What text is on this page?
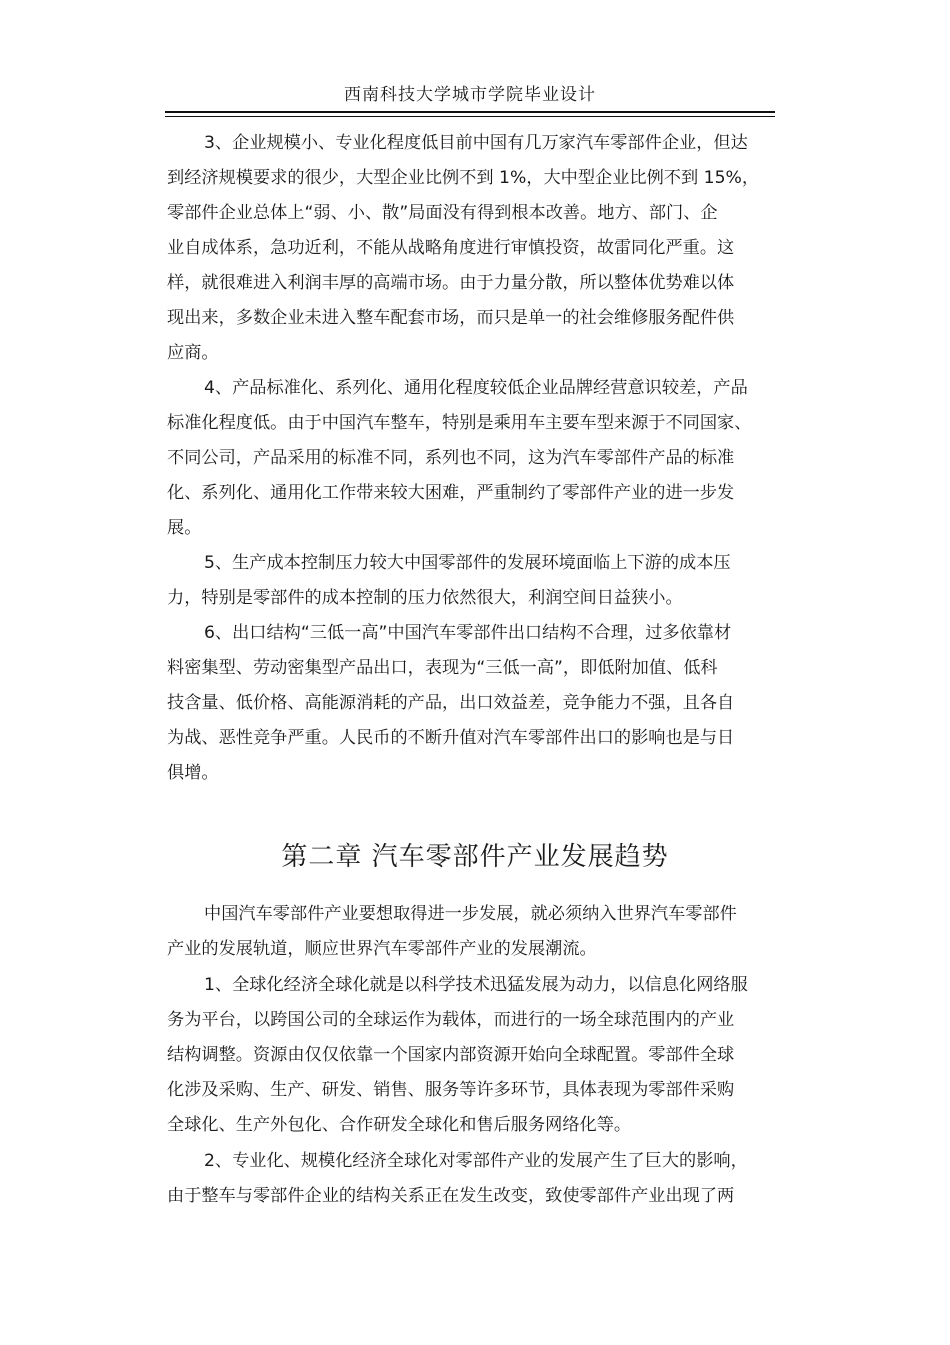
西南科技大学城市学院毕业设计
3、企业规模小、专业化程度低目前中国有几万家汽车零部件企业，但达
到经济规模要求的很少，大型企业比例不到 1%，大中型企业比例不到 15%，
零部件企业总体上“弱、小、散”局面没有得到根本改善。地方、部门、企
业自成体系，急功近利，不能从战略角度进行审慎投资，故雷同化严重。这
样，就很难进入利润丰厚的高端市场。由于力量分散，所以整体优势难以体
现出来，多数企业未进入整车配套市场，而只是单一的社会维修服务配件供
应商。
4、产品标准化、系列化、通用化程度较低企业品牌经营意识较差，产品
标准化程度低。由于中国汽车整车，特别是乘用车主要车型来源于不同国家、
不同公司，产品采用的标准不同，系列也不同，这为汽车零部件产品的标准
化、系列化、通用化工作带来较大困难，严重制约了零部件产业的进一步发
展。
5、生产成本控制压力较大中国零部件的发展环境面临上下游的成本压
力，特别是零部件的成本控制的压力依然很大，利润空间日益狭小。
6、出口结构“三低一高”中国汽车零部件出口结构不合理，过多依靠材
料密集型、劳动密集型产品出口，表现为“三低一高”，即低附加值、低科
技含量、低价格、高能源消耗的产品，出口效益差，竞争能力不强，且各自
为战、恶性竞争严重。人民币的不断升值对汽车零部件出口的影响也是与日
俱增。
第二章 汽车零部件产业发展趋势
中国汽车零部件产业要想取得进一步发展，就必须纳入世界汽车零部件
产业的发展轨道，顺应世界汽车零部件产业的发展潮流。
1、全球化经济全球化就是以科学技术迅猛发展为动力，以信息化网络服
务为平台，以跨国公司的全球运作为载体，而进行的一场全球范围内的产业
结构调整。资源由仅仅依靠一个国家内部资源开始向全球配置。零部件全球
化涉及采购、生产、研发、销售、服务等许多环节，具体表现为零部件采购
全球化、生产外包化、合作研发全球化和售后服务网络化等。
2、专业化、规模化经济全球化对零部件产业的发展产生了巨大的影响，
由于整车与零部件企业的结构关系正在发生改变，致使零部件产业出现了两
